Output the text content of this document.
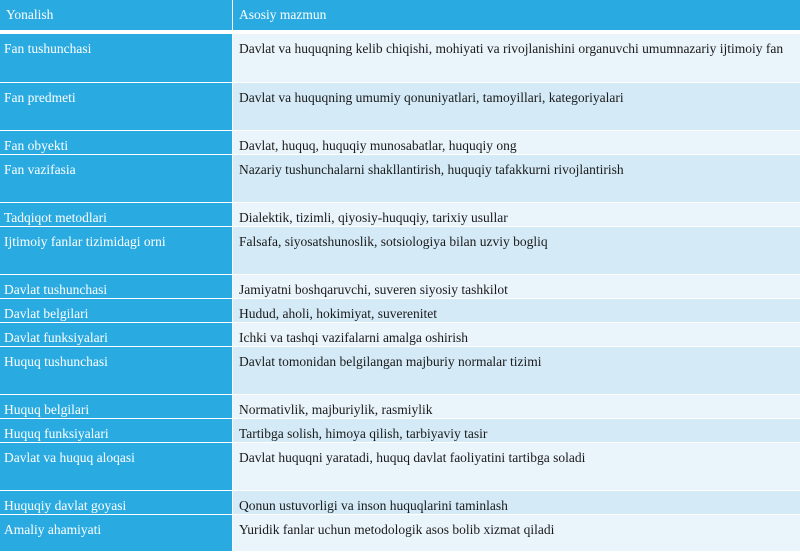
Yonalish	Asosiy mazmun
Fan tushunchasi	Davlat va huquqning kelib chiqishi, mohiyati va rivojlanishini organuvchi umumnazariy ijtimoiy fan
Fan predmeti	Davlat va huquqning umumiy qonuniyatlari, tamoyillari, kategoriyalari
Fan obyekti	Davlat, huquq, huquqiy munosabatlar, huquqiy ong
Fan vazifasia	Nazariy tushunchalarni shakllantirish, huquqiy tafakkurni rivojlantirish
Tadqiqot metodlari	Dialektik, tizimli, qiyosiy-huquqiy, tarixiy usullar
Ijtimoiy fanlar tizimidagi orni	Falsafa, siyosatshunoslik, sotsiologiya bilan uzviy bogliq
Davlat tushunchasi	Jamiyatni boshqaruvchi, suveren siyosiy tashkilot
Davlat belgilari	Hudud, aholi, hokimiyat, suverenitet
Davlat funksiyalari	Ichki va tashqi vazifalarni amalga oshirish
Huquq tushunchasi	Davlat tomonidan belgilangan majburiy normalar tizimi
Huquq belgilari	Normativlik, majburiylik, rasmiylik
Huquq funksiyalari	Tartibga solish, himoya qilish, tarbiyaviy tasir
Davlat va huquq aloqasi	Davlat huquqni yaratadi, huquq davlat faoliyatini tartibga soladi
Huquqiy davlat goyasi	Qonun ustuvorligi va inson huquqlarini taminlash
Amaliy ahamiyati	Yuridik fanlar uchun metodologik asos bolib xizmat qiladi
